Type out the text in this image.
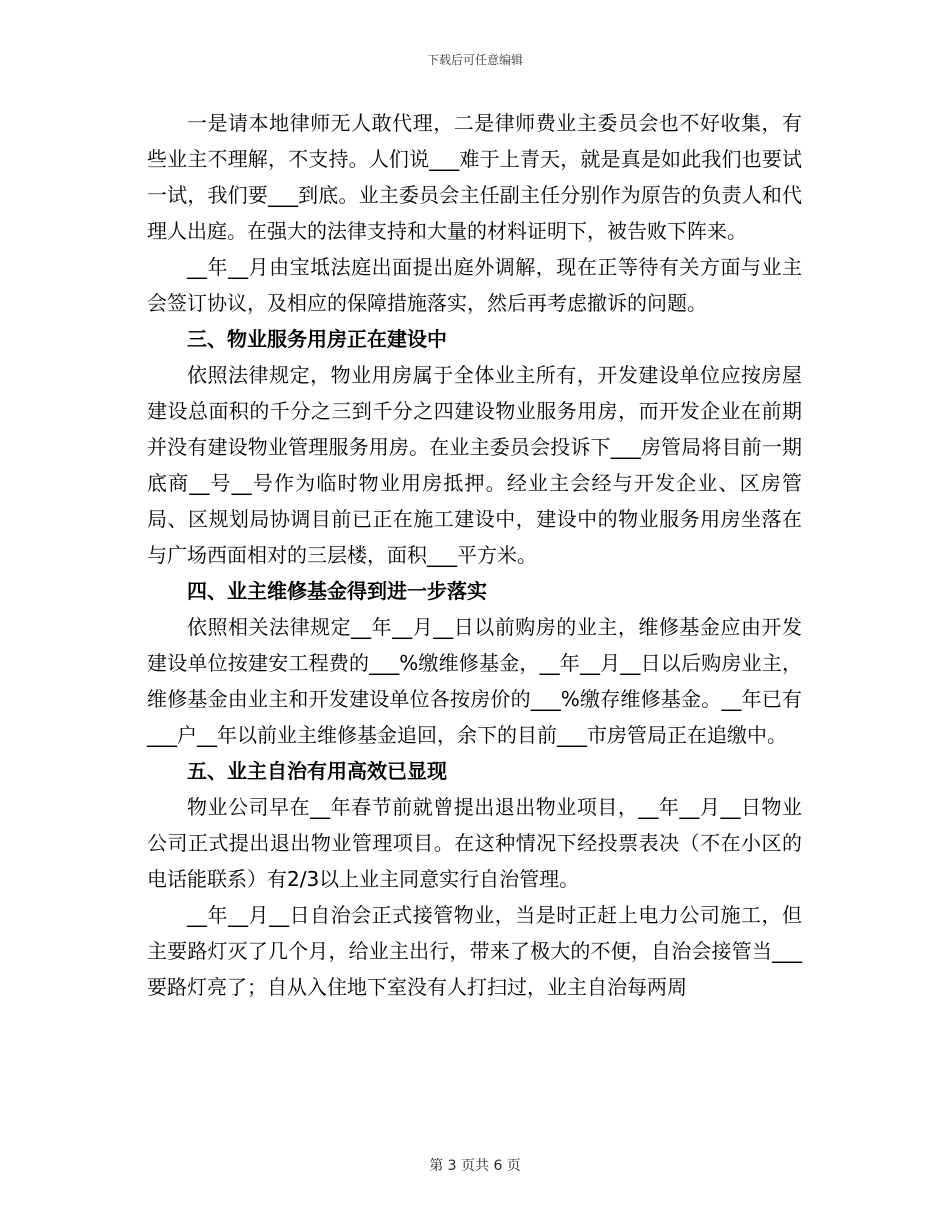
下载后可任意编辑

一是请本地律师无人敢代理，二是律师费业主委员会也不好收集，有些业主不理解，不支持。人们说___难于上青天，就是真是如此我们也要试一试，我们要___到底。业主委员会主任副主任分别作为原告的负责人和代理人出庭。在强大的法律支持和大量的材料证明下，被告败下阵来。

__年__月由宝坻法庭出面提出庭外调解，现在正等待有关方面与业主会签订协议，及相应的保障措施落实，然后再考虑撤诉的问题。

三、物业服务用房正在建设中

依照法律规定，物业用房属于全体业主所有，开发建设单位应按房屋建设总面积的千分之三到千分之四建设物业服务用房，而开发企业在前期并没有建设物业管理服务用房。在业主委员会投诉下___房管局将目前一期底商__号__号作为临时物业用房抵押。经业主会经与开发企业、区房管局、区规划局协调目前已正在施工建设中，建设中的物业服务用房坐落在与广场西面相对的三层楼，面积___平方米。

四、业主维修基金得到进一步落实

依照相关法律规定__年__月__日以前购房的业主，维修基金应由开发建设单位按建安工程费的___%缴维修基金，__年__月__日以后购房业主，维修基金由业主和开发建设单位各按房价的___%缴存维修基金。__年已有___户__年以前业主维修基金追回，余下的目前___市房管局正在追缴中。

五、业主自治有用高效已显现

物业公司早在__年春节前就曾提出退出物业项目，__年__月__日物业公司正式提出退出物业管理项目。在这种情况下经投票表决（不在小区的电话能联系）有2/3以上业主同意实行自治管理。

__年__月__日自治会正式接管物业，当是时正赶上电力公司施工，但主要路灯灭了几个月，给业主出行，带来了极大的不便，自治会接管当___要路灯亮了；自从入住地下室没有人打扫过，业主自治每两周

第 3 页共 6 页
